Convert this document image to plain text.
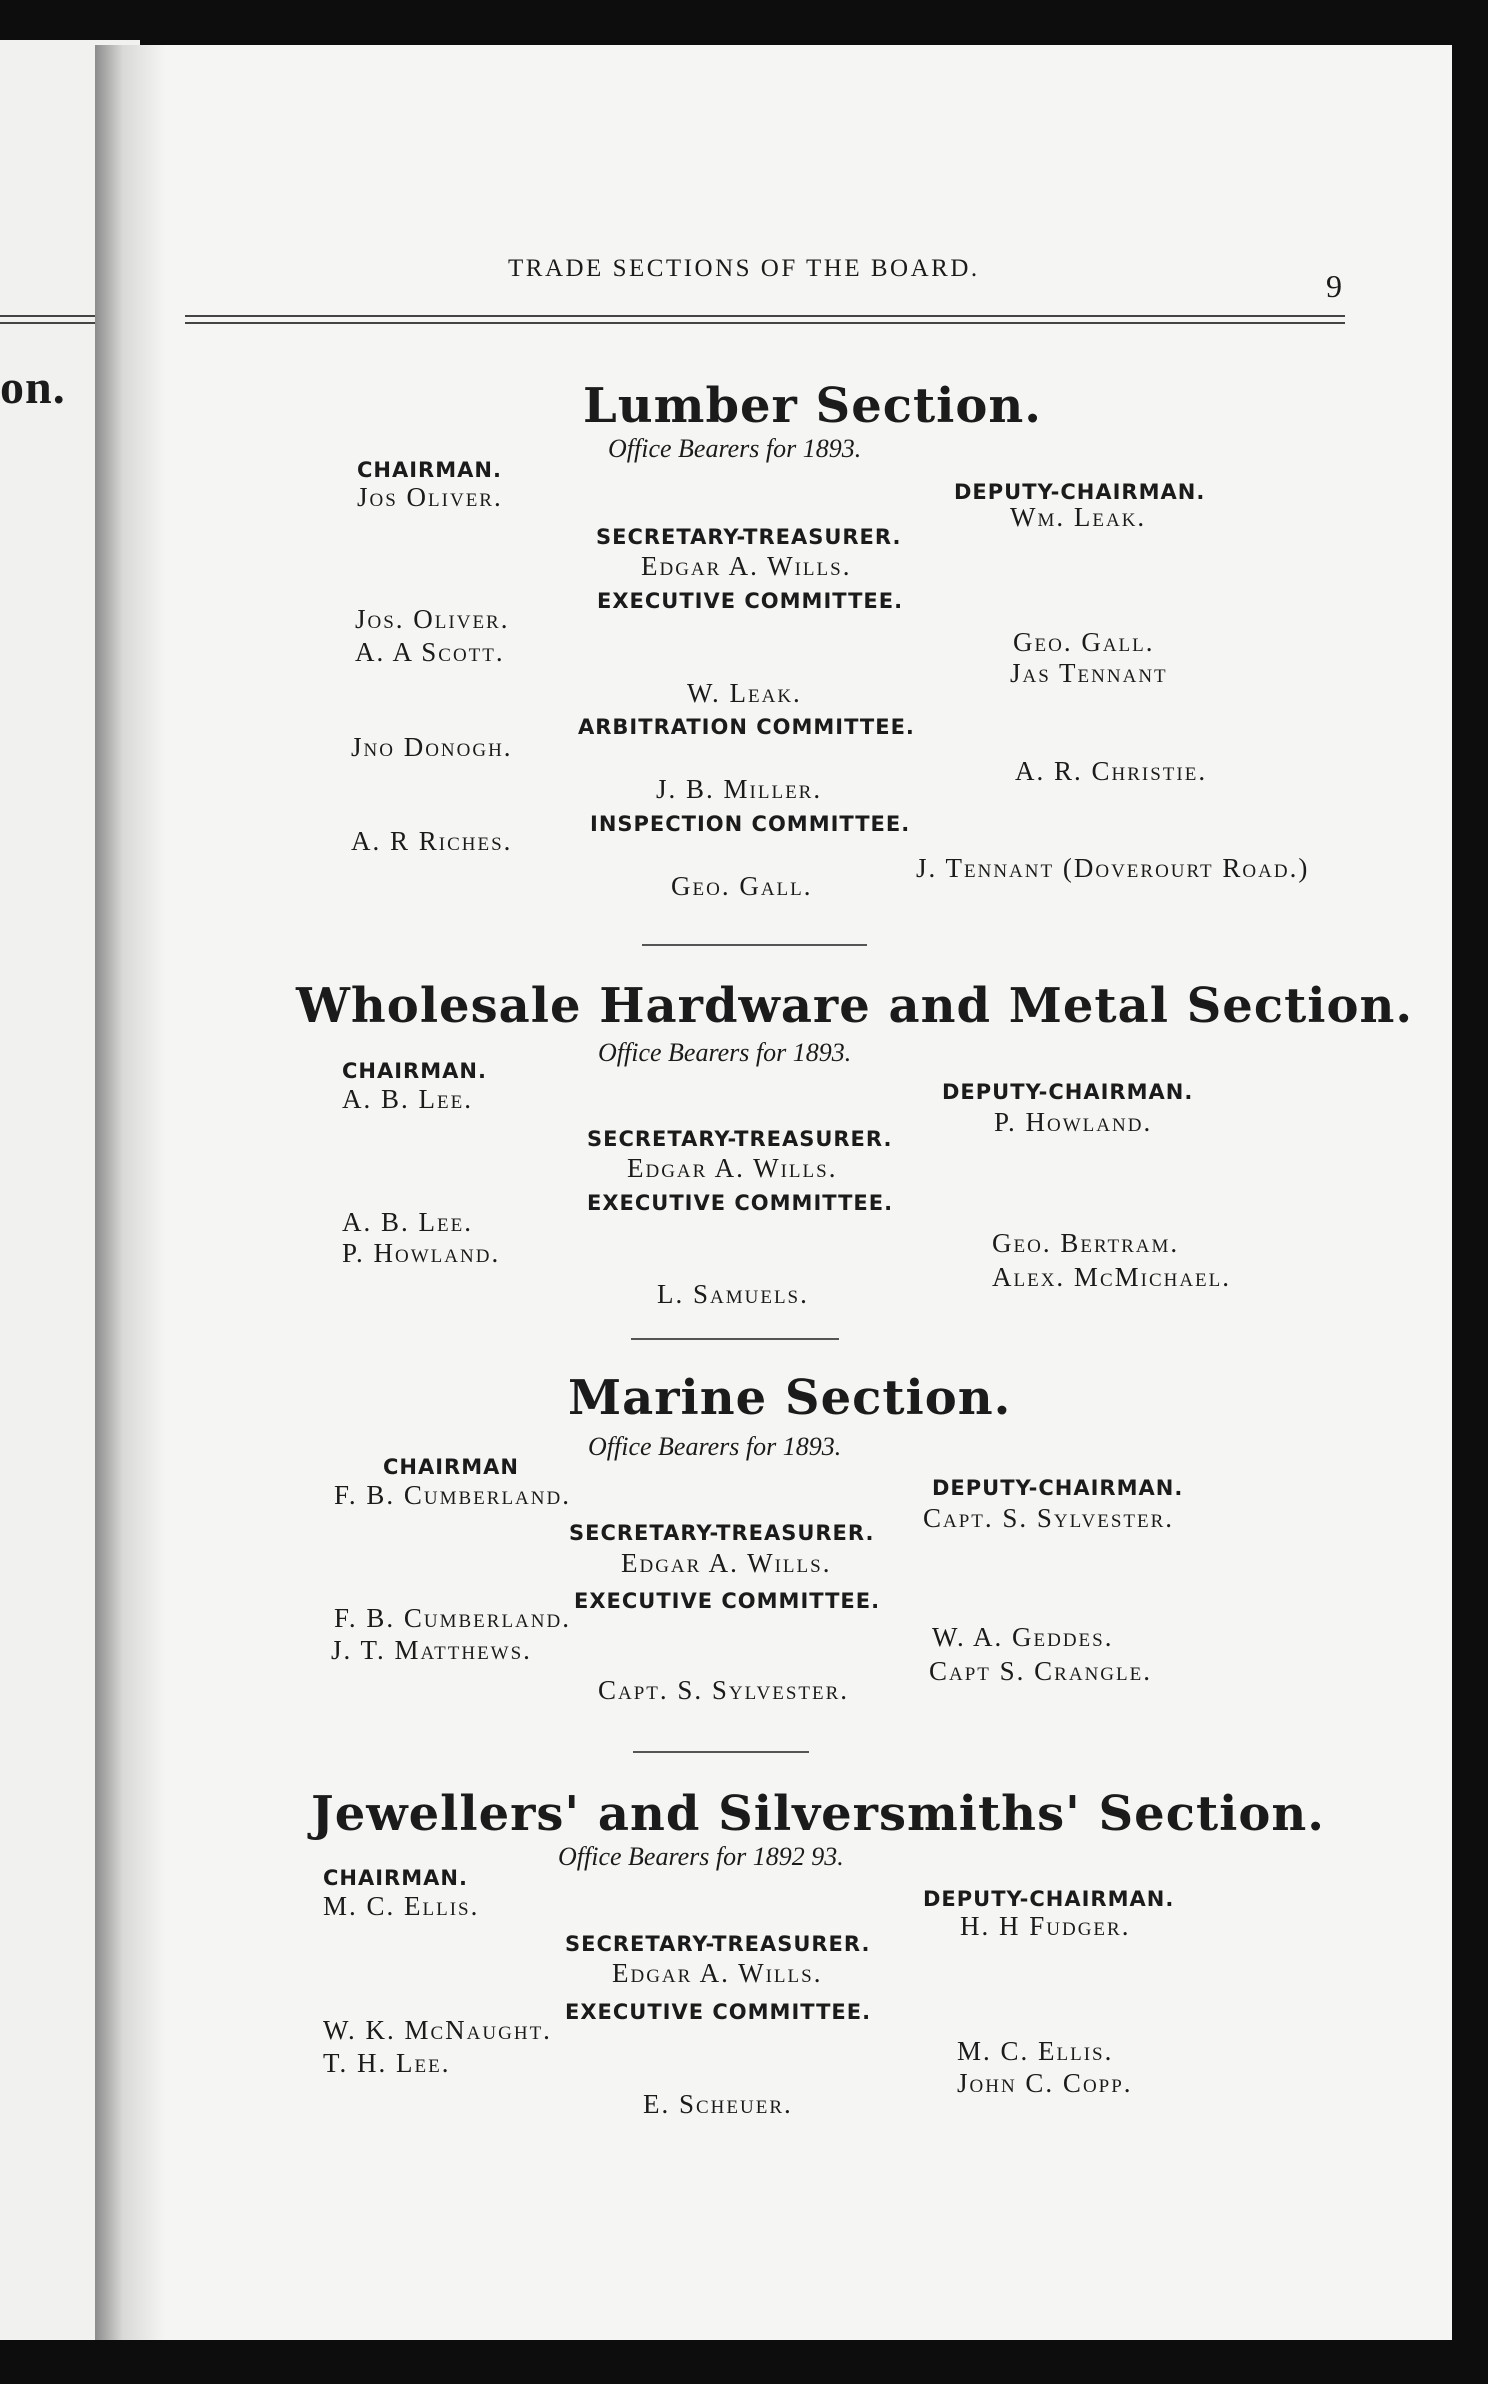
on.
TRADE SECTIONS OF THE BOARD.	9
Lumber Section.
Office Bearers for 1893.
CHAIRMAN.
Jos Oliver.	DEPUTY-CHAIRMAN.
Wm. Leak.
SECRETARY-TREASURER.
Edgar A. Wills.
EXECUTIVE COMMITTEE.
Jos. Oliver.
A. A Scott.	Geo. Gall.
Jas Tennant
W. Leak.
ARBITRATION COMMITTEE.
Jno Donogh.
A. R. Christie.
J. B. Miller.
INSPECTION COMMITTEE.
A. R Riches.
J. Tennant (Doverourt Road.)
Geo. Gall.
Wholesale Hardware and Metal Section.
Office Bearers for 1893.
CHAIRMAN.
A. B. Lee.	DEPUTY-CHAIRMAN.
P. Howland.
SECRETARY-TREASURER.
Edgar A. Wills.
EXECUTIVE COMMITTEE.
A. B. Lee.
P. Howland.	Geo. Bertram.
Alex. McMichael.
L. Samuels.
Marine Section.
Office Bearers for 1893.
CHAIRMAN
F. B. Cumberland.	DEPUTY-CHAIRMAN.
Capt. S. Sylvester.
SECRETARY-TREASURER.
Edgar A. Wills.
EXECUTIVE COMMITTEE.
F. B. Cumberland.
J. T. Matthews.	W. A. Geddes.
Capt S. Crangle.
Capt. S. Sylvester.
Jewellers' and Silversmiths' Section.
Office Bearers for 1892 93.
CHAIRMAN.
M. C. Ellis.	DEPUTY-CHAIRMAN.
H. H Fudger.
SECRETARY-TREASURER.
Edgar A. Wills.
EXECUTIVE COMMITTEE.
W. K. McNaught.
T. H. Lee.	M. C. Ellis.
John C. Copp.
E. Scheuer.
